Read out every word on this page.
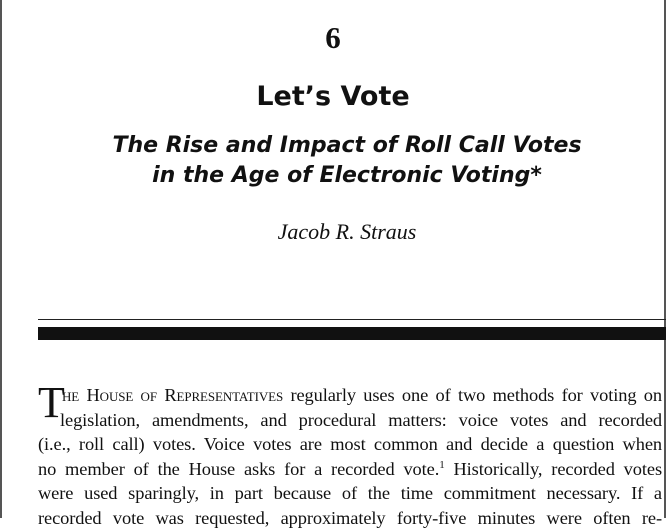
6
Let’s Vote
The Rise and Impact of Roll Call Votes
in the Age of Electronic Voting*
Jacob R. Straus
T
he House of Representatives regularly uses one of two methods for voting on
legislation, amendments, and procedural matters: voice votes and recorded
(i.e., roll call) votes. Voice votes are most common and decide a question when
no member of the House asks for a recorded vote.$^1$ Historically, recorded votes
were used sparingly, in part because of the time commitment necessary. If a
recorded vote was requested, approximately forty-five minutes were often re-
